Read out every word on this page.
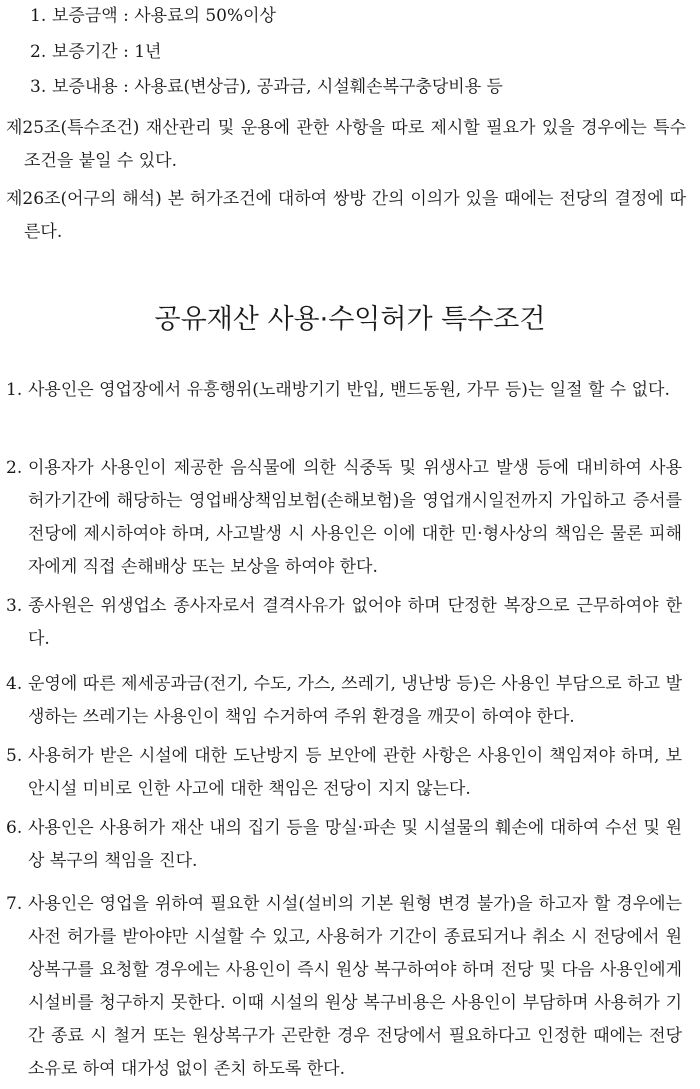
1. 보증금액 : 사용료의 50%이상
2. 보증기간 : 1년
3. 보증내용 : 사용료(변상금), 공과금, 시설훼손복구충당비용 등
제25조(특수조건) 재산관리 및 운용에 관한 사항을 따로 제시할 필요가 있을 경우에는 특수조건을 붙일 수 있다.
제26조(어구의 해석) 본 허가조건에 대하여 쌍방 간의 이의가 있을 때에는 전당의 결정에 따른다.
공유재산 사용·수익허가 특수조건
1. 사용인은 영업장에서 유흥행위(노래방기기 반입, 밴드동원, 가무 등)는 일절 할 수 없다.
2. 이용자가 사용인이 제공한 음식물에 의한 식중독 및 위생사고 발생 등에 대비하여 사용 허가기간에 해당하는 영업배상책임보험(손해보험)을 영업개시일전까지 가입하고 증서를 전당에 제시하여야 하며, 사고발생 시 사용인은 이에 대한 민·형사상의 책임은 물론 피해자에게 직접 손해배상 또는 보상을 하여야 한다.
3. 종사원은 위생업소 종사자로서 결격사유가 없어야 하며 단정한 복장으로 근무하여야 한다.
4. 운영에 따른 제세공과금(전기, 수도, 가스, 쓰레기, 냉난방 등)은 사용인 부담으로 하고 발생하는 쓰레기는 사용인이 책임 수거하여 주위 환경을 깨끗이 하여야 한다.
5. 사용허가 받은 시설에 대한 도난방지 등 보안에 관한 사항은 사용인이 책임져야 하며, 보안시설 미비로 인한 사고에 대한 책임은 전당이 지지 않는다.
6. 사용인은 사용허가 재산 내의 집기 등을 망실·파손 및 시설물의 훼손에 대하여 수선 및 원상 복구의 책임을 진다.
7. 사용인은 영업을 위하여 필요한 시설(설비의 기본 원형 변경 불가)을 하고자 할 경우에는 사전 허가를 받아야만 시설할 수 있고, 사용허가 기간이 종료되거나 취소 시 전당에서 원상복구를 요청할 경우에는 사용인이 즉시 원상 복구하여야 하며 전당 및 다음 사용인에게 시설비를 청구하지 못한다. 이때 시설의 원상 복구비용은 사용인이 부담하며 사용허가 기간 종료 시 철거 또는 원상복구가 곤란한 경우 전당에서 필요하다고 인정한 때에는 전당 소유로 하여 대가성 없이 존치 하도록 한다.
